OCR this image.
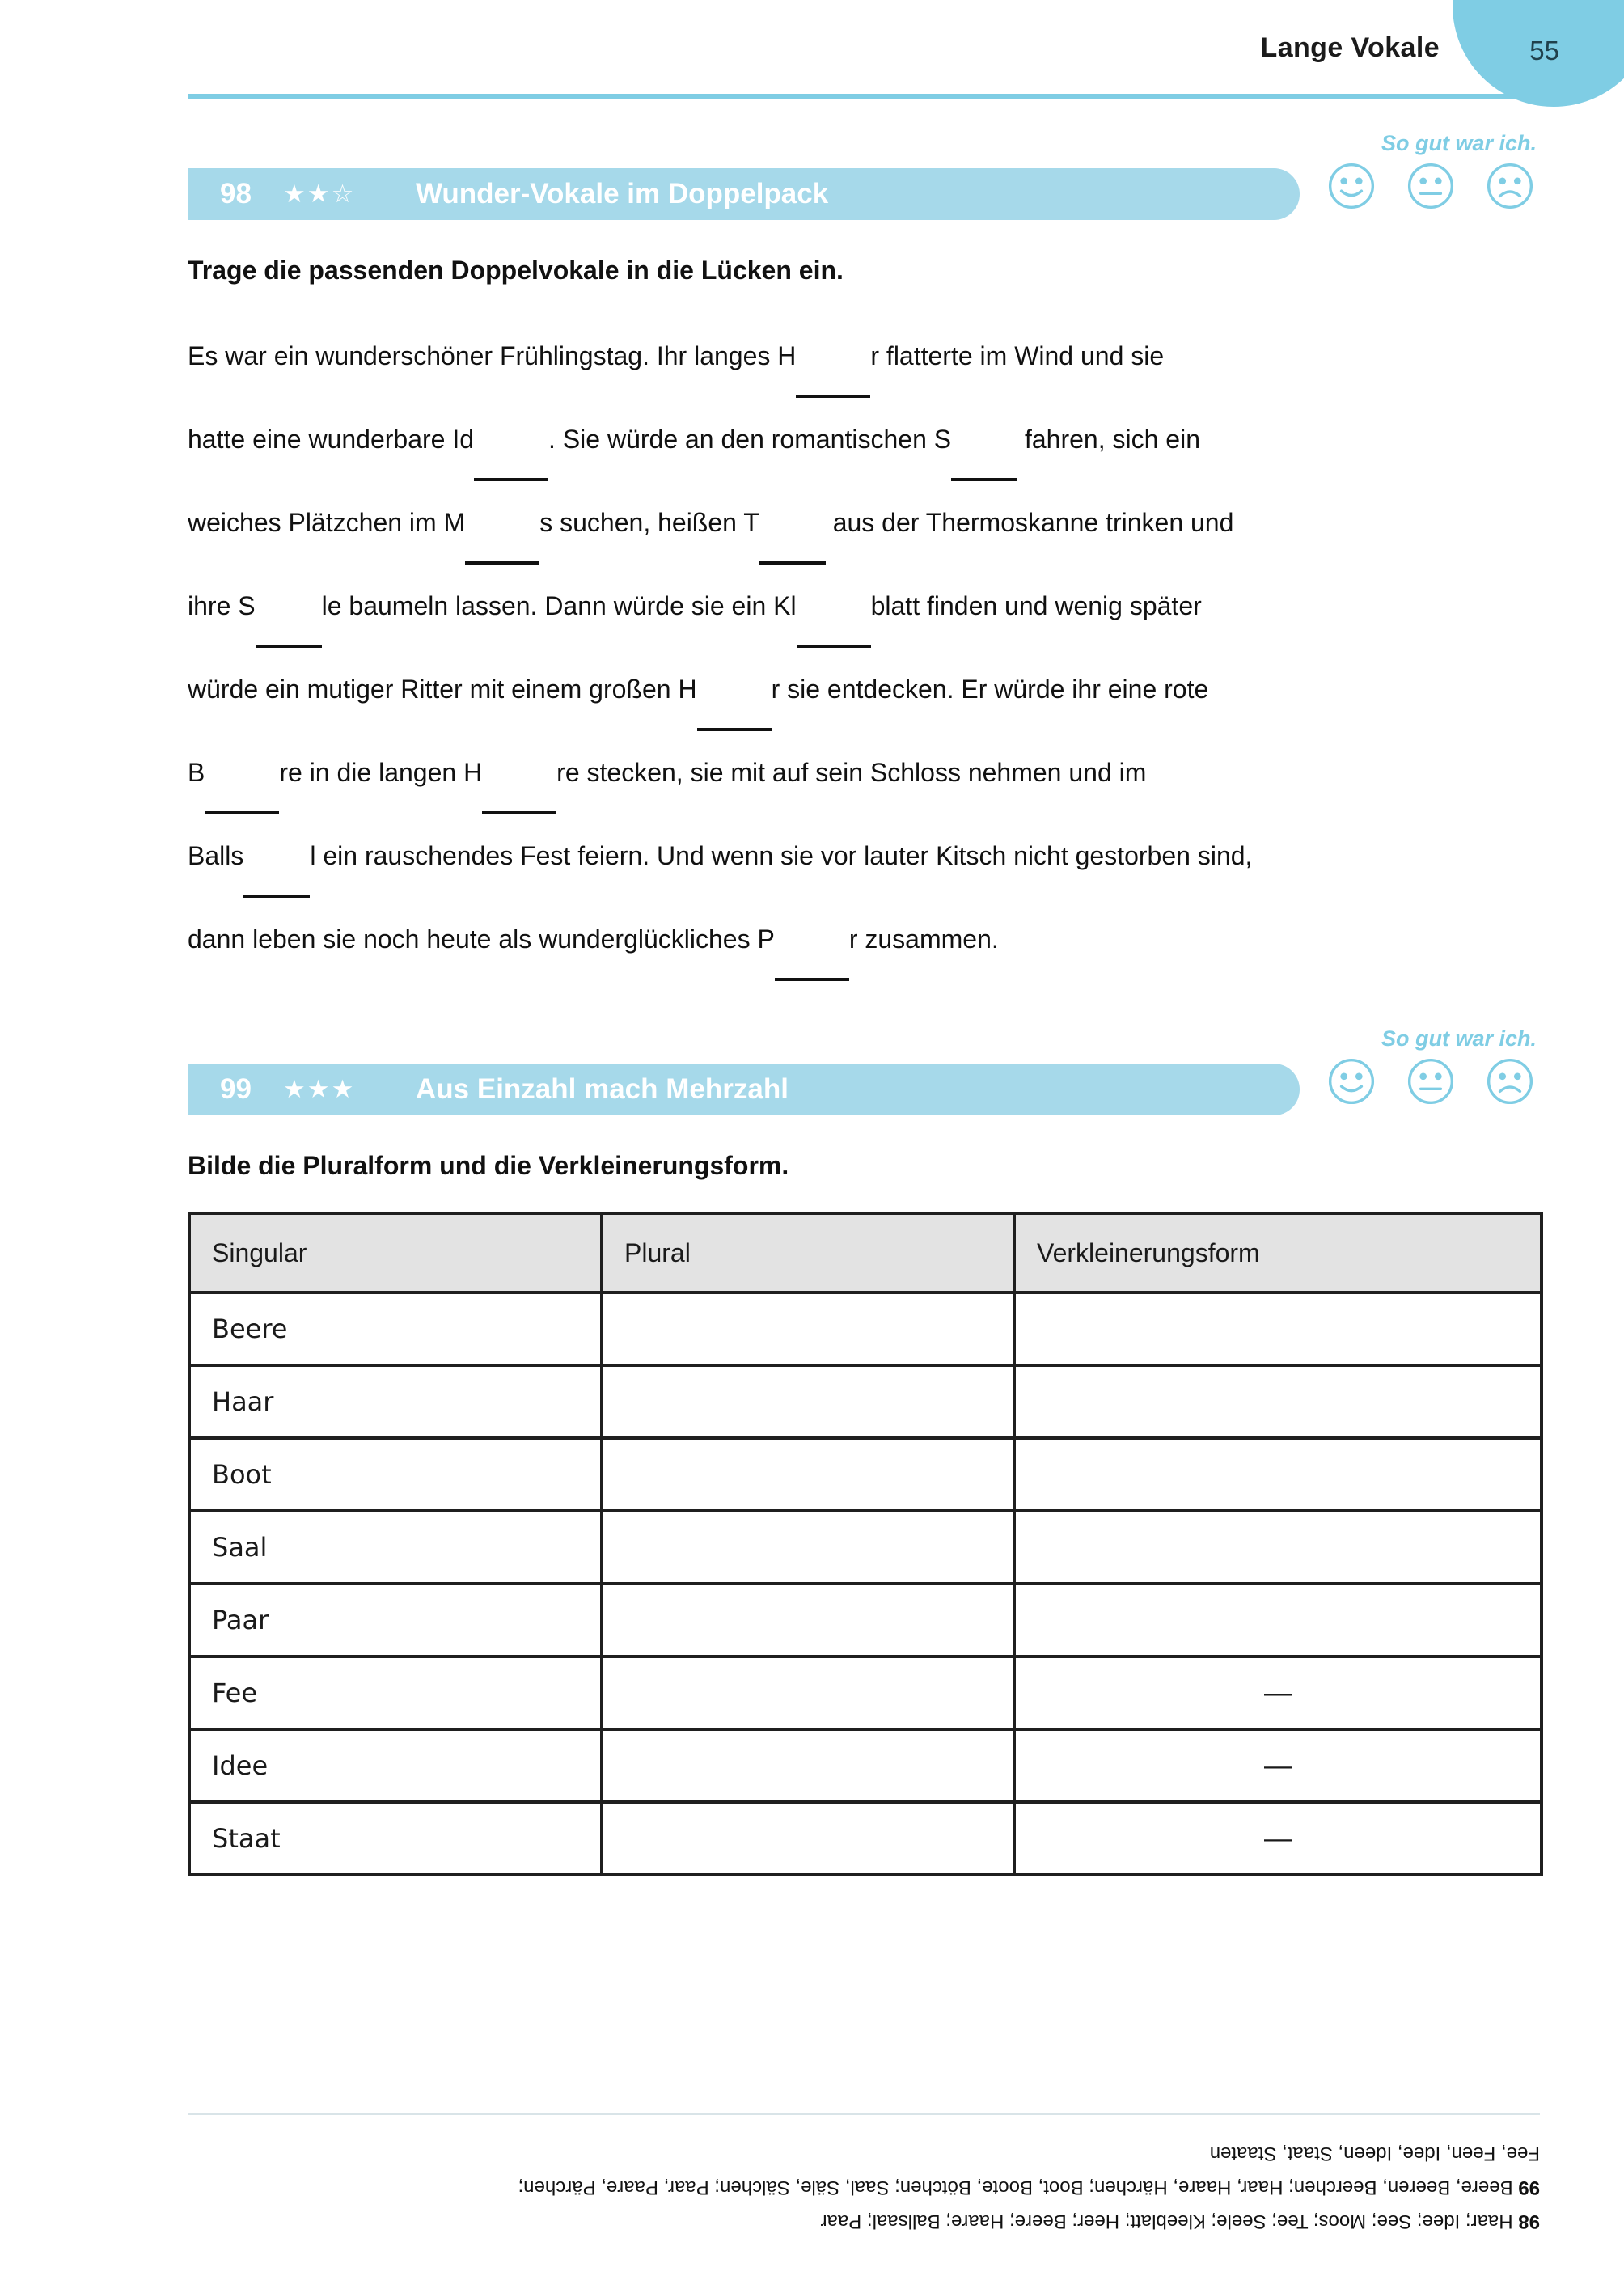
Lange Vokale	55
98	★★☆	Wunder-Vokale im Doppelpack
So gut war ich.
Trage die passenden Doppelvokale in die Lücken ein.
Es war ein wunderschöner Frühlingstag. Ihr langes H	r flatterte im Wind und sie
hatte eine wunderbare Id	. Sie würde an den romantischen S	fahren, sich ein
weiches Plätzchen im M	s suchen, heißen T	aus der Thermoskanne trinken und
ihre S	le baumeln lassen. Dann würde sie ein Kl	blatt finden und wenig später
würde ein mutiger Ritter mit einem großen H	r sie entdecken. Er würde ihr eine rote
B	re in die langen H	re stecken, sie mit auf sein Schloss nehmen und im
Balls	l ein rauschendes Fest feiern. Und wenn sie vor lauter Kitsch nicht gestorben sind,
dann leben sie noch heute als wunderglückliches P	r zusammen.
99	★★★	Aus Einzahl mach Mehrzahl
So gut war ich.
Bilde die Pluralform und die Verkleinerungsform.
Singular	Plural	Verkleinerungsform
Beere		
Haar		
Boot		
Saal		
Paar		
Fee		—
Idee		—
Staat		—
98 Haar; Idee; See; Moos; Tee; Seele; Kleeblatt; Heer; Beere; Haare; Ballsaal; Paar
99 Beere, Beeren, Beerchen; Haar, Haare, Härchen; Boot, Boote, Bötchen; Saal, Säle, Sälchen; Paar, Paare, Pärchen;
Fee, Feen, Idee, Ideen, Staat, Staaten
